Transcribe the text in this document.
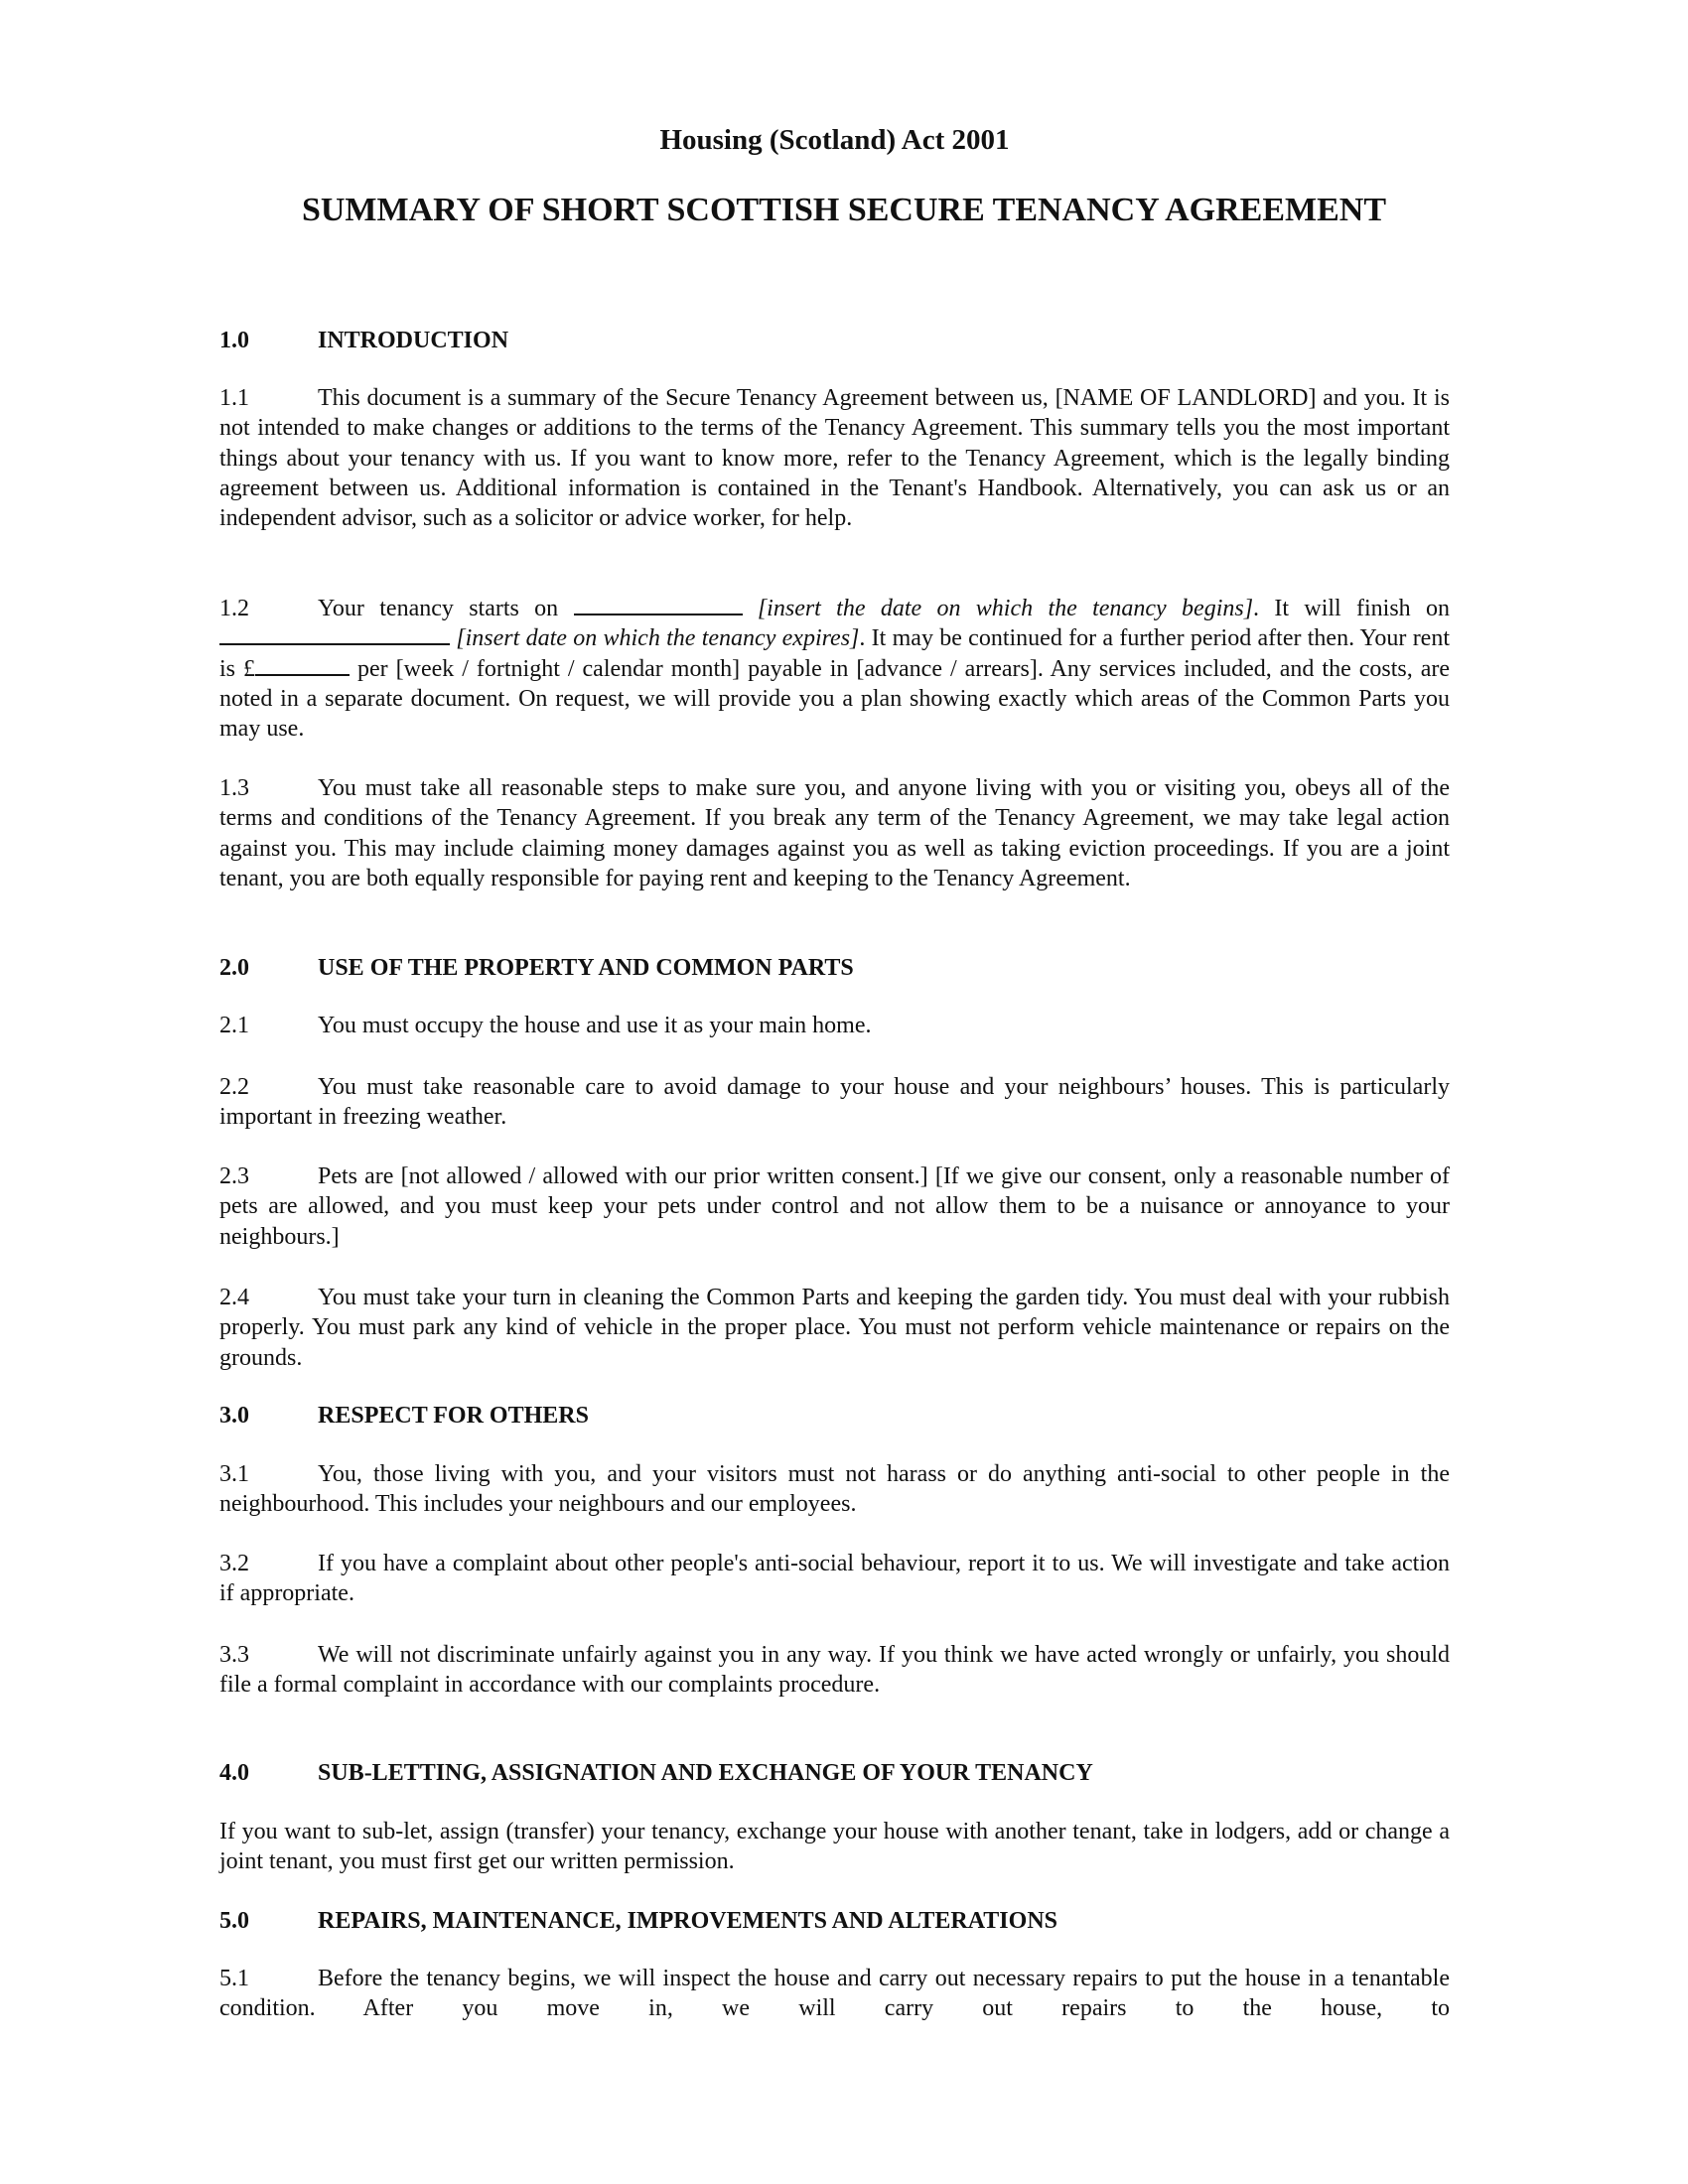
Housing (Scotland) Act 2001
SUMMARY OF SHORT SCOTTISH SECURE TENANCY AGREEMENT
1.0	INTRODUCTION
1.1	This document is a summary of the Secure Tenancy Agreement between us, [NAME OF LANDLORD] and you. It is not intended to make changes or additions to the terms of the Tenancy Agreement. This summary tells you the most important things about your tenancy with us. If you want to know more, refer to the Tenancy Agreement, which is the legally binding agreement between us. Additional information is contained in the Tenant's Handbook. Alternatively, you can ask us or an independent advisor, such as a solicitor or advice worker, for help.
1.2	Your tenancy starts on	[insert the date on which the tenancy begins]. It will finish on  [insert date on which the tenancy expires]. It may be continued for a further period after then. Your rent is £	per [week / fortnight / calendar month] payable in [advance / arrears]. Any services included, and the costs, are noted in a separate document. On request, we will provide you a plan showing exactly which areas of the Common Parts you may use.
1.3	You must take all reasonable steps to make sure you, and anyone living with you or visiting you, obeys all of the terms and conditions of the Tenancy Agreement. If you break any term of the Tenancy Agreement, we may take legal action against you. This may include claiming money damages against you as well as taking eviction proceedings. If you are a joint tenant, you are both equally responsible for paying rent and keeping to the Tenancy Agreement.
2.0	USE OF THE PROPERTY AND COMMON PARTS
2.1	You must occupy the house and use it as your main home.
2.2	You must take reasonable care to avoid damage to your house and your neighbours’ houses. This is particularly important in freezing weather.
2.3	Pets are [not allowed / allowed with our prior written consent.] [If we give our consent, only a reasonable number of pets are allowed, and you must keep your pets under control and not allow them to be a nuisance or annoyance to your neighbours.]
2.4	You must take your turn in cleaning the Common Parts and keeping the garden tidy. You must deal with your rubbish properly. You must park any kind of vehicle in the proper place. You must not perform vehicle maintenance or repairs on the grounds.
3.0	RESPECT FOR OTHERS
3.1	You, those living with you, and your visitors must not harass or do anything anti-social to other people in the neighbourhood. This includes your neighbours and our employees.
3.2	If you have a complaint about other people's anti-social behaviour, report it to us. We will investigate and take action if appropriate.
3.3	We will not discriminate unfairly against you in any way. If you think we have acted wrongly or unfairly, you should file a formal complaint in accordance with our complaints procedure.
4.0	SUB-LETTING, ASSIGNATION AND EXCHANGE OF YOUR TENANCY
If you want to sub-let, assign (transfer) your tenancy, exchange your house with another tenant, take in lodgers, add or change a joint tenant, you must first get our written permission.
5.0	REPAIRS, MAINTENANCE, IMPROVEMENTS AND ALTERATIONS
5.1	Before the tenancy begins, we will inspect the house and carry out necessary repairs to put the house in a tenantable condition. After you move in, we will carry out repairs to the house, to
